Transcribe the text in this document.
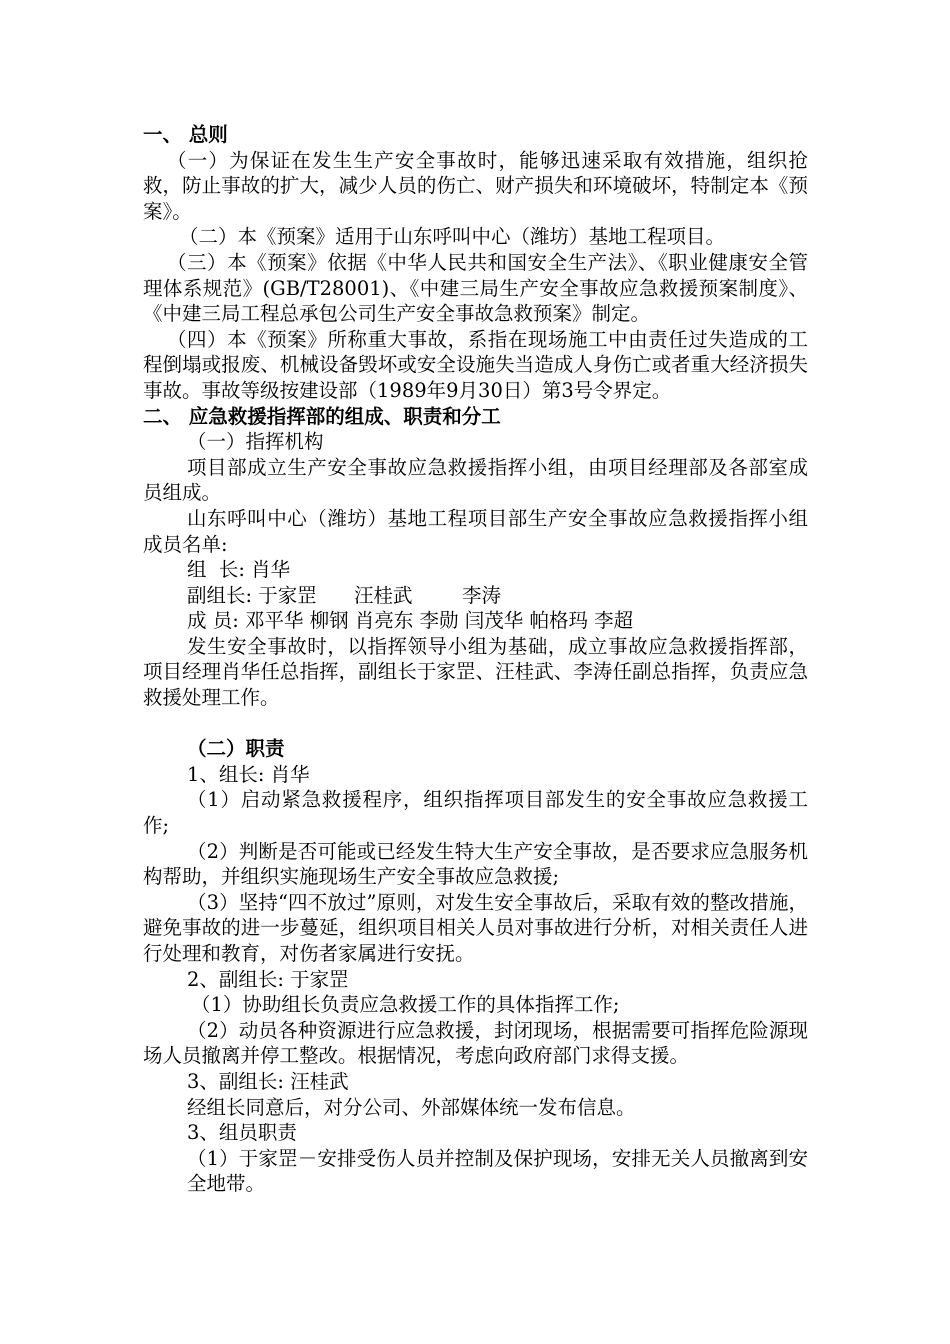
一、 总则

（一）为保证在发生生产安全事故时，能够迅速采取有效措施，组织抢救，防止事故的扩大，减少人员的伤亡、财产损失和环境破坏，特制定本《预案》。

（二）本《预案》适用于山东呼叫中心（潍坊）基地工程项目。

（三）本《预案》依据《中华人民共和国安全生产法》、《职业健康安全管理体系规范》(GB/T28001)、《中建三局生产安全事故应急救援预案制度》、《中建三局工程总承包公司生产安全事故急救预案》制定。

（四）本《预案》所称重大事故，系指在现场施工中由责任过失造成的工程倒塌或报废、机械设备毁坏或安全设施失当造成人身伤亡或者重大经济损失事故。事故等级按建设部（1989年9月30日）第3号令界定。

二、 应急救援指挥部的组成、职责和分工

（一）指挥机构

项目部成立生产安全事故应急救援指挥小组，由项目经理部及各部室成员组成。

山东呼叫中心（潍坊）基地工程项目部生产安全事故应急救援指挥小组成员名单:

组  长: 肖华

副组长: 于家罡      汪桂武        李涛

成 员: 邓平华 柳钢 肖亮东 李勋 闫茂华 帕格玛 李超

发生安全事故时，以指挥领导小组为基础，成立事故应急救援指挥部，项目经理肖华任总指挥，副组长于家罡、汪桂武、李涛任副总指挥，负责应急救援处理工作。

（二）职责

1、组长: 肖华

（1）启动紧急救援程序，组织指挥项目部发生的安全事故应急救援工作;

（2）判断是否可能或已经发生特大生产安全事故，是否要求应急服务机构帮助，并组织实施现场生产安全事故应急救援;

（3）坚持“四不放过”原则，对发生安全事故后，采取有效的整改措施，避免事故的进一步蔓延，组织项目相关人员对事故进行分析，对相关责任人进行处理和教育，对伤者家属进行安抚。

2、副组长: 于家罡

（1）协助组长负责应急救援工作的具体指挥工作;

（2）动员各种资源进行应急救援，封闭现场，根据需要可指挥危险源现场人员撤离并停工整改。根据情况，考虑向政府部门求得支援。

3、副组长: 汪桂武

经组长同意后，对分公司、外部媒体统一发布信息。

3、组员职责

（1）于家罡－安排受伤人员并控制及保护现场，安排无关人员撤离到安全地带。
